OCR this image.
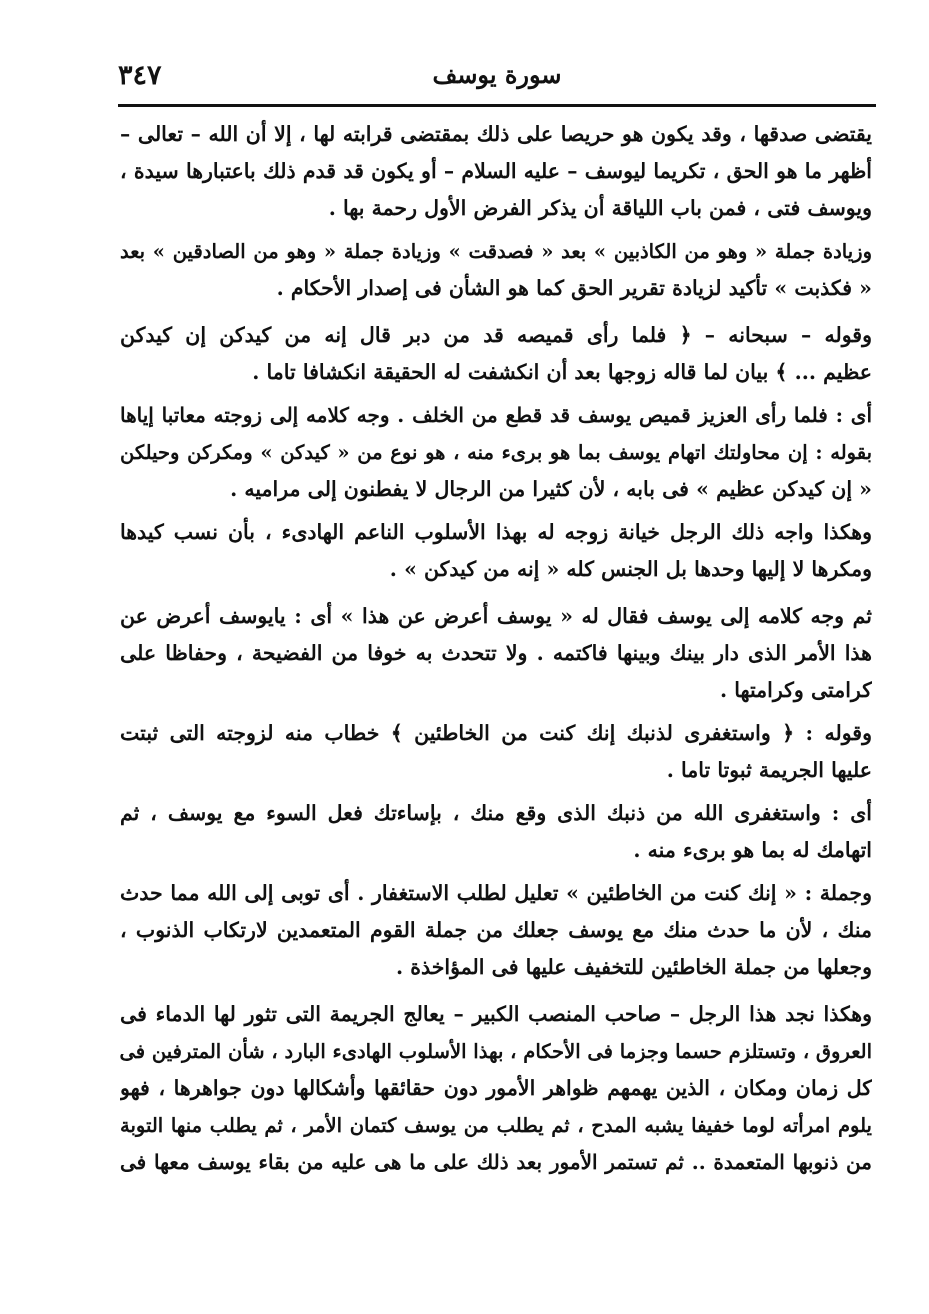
٣٤٧	سورة يوسف
يقتضى صدقها ، وقد يكون هو حريصا على ذلك بمقتضى قرابته لها ، إلا أن الله – تعالى –
أظهر ما هو الحق ، تكريما ليوسف – عليه السلام – أو يكون قد قدم ذلك باعتبارها سيدة ،
ويوسف فتى ، فمن باب اللياقة أن يذكر الفرض الأول رحمة بها .
وزيادة جملة « وهو من الكاذبين » بعد « فصدقت » وزيادة جملة « وهو من الصادقين » بعد
« فكذبت » تأكيد لزيادة تقرير الحق كما هو الشأن فى إصدار الأحكام .
وقوله – سبحانه – ﴿ فلما رأى قميصه قد من دبر قال إنه من كيدكن إن كيدكن
عظيم ... ﴾ بيان لما قاله زوجها بعد أن انكشفت له الحقيقة انكشافا تاما .
أى : فلما رأى العزيز قميص يوسف قد قطع من الخلف . وجه كلامه إلى زوجته معاتبا إياها
بقوله : إن محاولتك اتهام يوسف بما هو برىء منه ، هو نوع من « كيدكن » ومكركن وحيلكن
« إن كيدكن عظيم » فى بابه ، لأن كثيرا من الرجال لا يفطنون إلى مراميه .
وهكذا واجه ذلك الرجل خيانة زوجه له بهذا الأسلوب الناعم الهادىء ، بأن نسب كيدها
ومكرها لا إليها وحدها بل الجنس كله « إنه من كيدكن » .
ثم وجه كلامه إلى يوسف فقال له « يوسف أعرض عن هذا » أى : يايوسف أعرض عن
هذا الأمر الذى دار بينك وبينها فاكتمه . ولا تتحدث به خوفا من الفضيحة ، وحفاظا على
كرامتى وكرامتها .
وقوله : ﴿ واستغفرى لذنبك إنك كنت من الخاطئين ﴾ خطاب منه لزوجته التى ثبتت
عليها الجريمة ثبوتا تاما .
أى : واستغفرى الله من ذنبك الذى وقع منك ، بإساءتك فعل السوء مع يوسف ، ثم
اتهامك له بما هو برىء منه .
وجملة : « إنك كنت من الخاطئين » تعليل لطلب الاستغفار . أى توبى إلى الله مما حدث
منك ، لأن ما حدث منك مع يوسف جعلك من جملة القوم المتعمدين لارتكاب الذنوب ،
وجعلها من جملة الخاطئين للتخفيف عليها فى المؤاخذة .
وهكذا نجد هذا الرجل – صاحب المنصب الكبير – يعالج الجريمة التى تثور لها الدماء فى
العروق ، وتستلزم حسما وجزما فى الأحكام ، بهذا الأسلوب الهادىء البارد ، شأن المترفين فى
كل زمان ومكان ، الذين يهمهم ظواهر الأمور دون حقائقها وأشكالها دون جواهرها ، فهو
يلوم امرأته لوما خفيفا يشبه المدح ، ثم يطلب من يوسف كتمان الأمر ، ثم يطلب منها التوبة
من ذنوبها المتعمدة .. ثم تستمر الأمور بعد ذلك على ما هى عليه من بقاء يوسف معها فى
